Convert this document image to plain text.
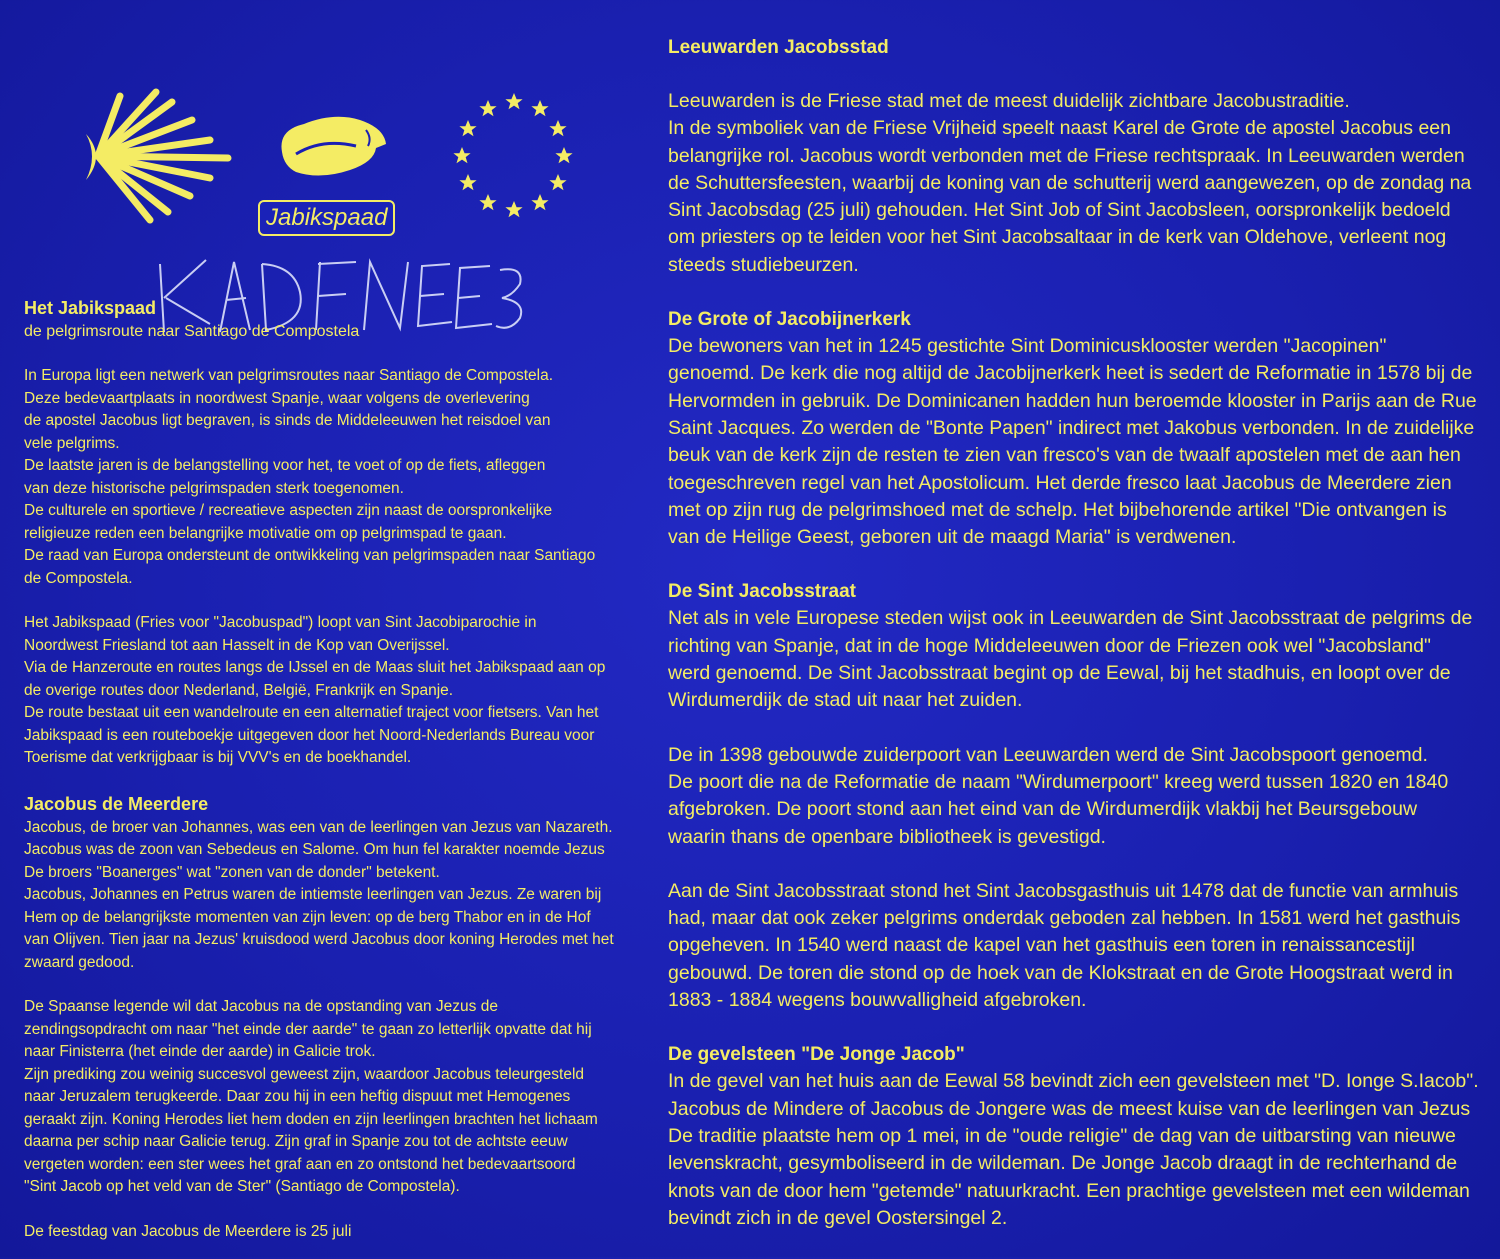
Jabikspaad

Het Jabikspaad

de pelgrimsroute naar Santiago de Compostela

In Europa ligt een netwerk van pelgrimsroutes naar Santiago de Compostela.
Deze bedevaartplaats in noordwest Spanje, waar volgens de overlevering
de apostel Jacobus ligt begraven, is sinds de Middeleeuwen het reisdoel van
vele pelgrims.
De laatste jaren is de belangstelling voor het, te voet of op de fiets, afleggen
van deze historische pelgrimspaden sterk toegenomen.
De culturele en sportieve / recreatieve aspecten zijn naast de oorspronkelijke
religieuze reden een belangrijke motivatie om op pelgrimspad te gaan.
De raad van Europa ondersteunt de ontwikkeling van pelgrimspaden naar Santiago
de Compostela.
Het Jabikspaad (Fries voor "Jacobuspad") loopt van Sint Jacobiparochie in
Noordwest Friesland tot aan Hasselt in de Kop van Overijssel.
Via de Hanzeroute en routes langs de IJssel en de Maas sluit het Jabikspaad aan op
de overige routes door Nederland, België, Frankrijk en Spanje.
De route bestaat uit een wandelroute en een alternatief traject voor fietsers. Van het
Jabikspaad is een routeboekje uitgegeven door het Noord-Nederlands Bureau voor
Toerisme dat verkrijgbaar is bij VVV's en de boekhandel.

Jacobus de Meerdere

Jacobus, de broer van Johannes, was een van de leerlingen van Jezus van Nazareth.
Jacobus was de zoon van Sebedeus en Salome. Om hun fel karakter noemde Jezus
De broers "Boanerges" wat "zonen van de donder" betekent.
Jacobus, Johannes en Petrus waren de intiemste leerlingen van Jezus. Ze waren bij
Hem op de belangrijkste momenten van zijn leven: op de berg Thabor en in de Hof
van Olijven. Tien jaar na Jezus' kruisdood werd Jacobus door koning Herodes met het
zwaard gedood.
De Spaanse legende wil dat Jacobus na de opstanding van Jezus de
zendingsopdracht om naar "het einde der aarde" te gaan zo letterlijk opvatte dat hij
naar Finisterra (het einde der aarde) in Galicie trok.
Zijn prediking zou weinig succesvol geweest zijn, waardoor Jacobus teleurgesteld
naar Jeruzalem terugkeerde. Daar zou hij in een heftig dispuut met Hemogenes
geraakt zijn. Koning Herodes liet hem doden en zijn leerlingen brachten het lichaam
daarna per schip naar Galicie terug. Zijn graf in Spanje zou tot de achtste eeuw
vergeten worden: een ster wees het graf aan en zo ontstond het bedevaartsoord
"Sint Jacob op het veld van de Ster" (Santiago de Compostela).

De feestdag van Jacobus de Meerdere is 25 juli

Leeuwarden Jacobsstad

Leeuwarden is de Friese stad met de meest duidelijk zichtbare Jacobustraditie.
In de symboliek van de Friese Vrijheid speelt naast Karel de Grote de apostel Jacobus een
belangrijke rol. Jacobus wordt verbonden met de Friese rechtspraak. In Leeuwarden werden
de Schuttersfeesten, waarbij de koning van de schutterij werd aangewezen, op de zondag na
Sint Jacobsdag (25 juli) gehouden. Het Sint Job of Sint Jacobsleen, oorspronkelijk bedoeld
om priesters op te leiden voor het Sint Jacobsaltaar in de kerk van Oldehove, verleent nog
steeds studiebeurzen.

De Grote of Jacobijnerkerk

De bewoners van het in 1245 gestichte Sint Dominicusklooster werden "Jacopinen"
genoemd. De kerk die nog altijd de Jacobijnerkerk heet is sedert de Reformatie in 1578 bij de
Hervormden in gebruik. De Dominicanen hadden hun beroemde klooster in Parijs aan de Rue
Saint Jacques. Zo werden de "Bonte Papen" indirect met Jakobus verbonden. In de zuidelijke
beuk van de kerk zijn de resten te zien van fresco's van de twaalf apostelen met de aan hen
toegeschreven regel van het Apostolicum. Het derde fresco laat Jacobus de Meerdere zien
met op zijn rug de pelgrimshoed met de schelp. Het bijbehorende artikel "Die ontvangen is
van de Heilige Geest, geboren uit de maagd Maria" is verdwenen.

De Sint Jacobsstraat

Net als in vele Europese steden wijst ook in Leeuwarden de Sint Jacobsstraat de pelgrims de
richting van Spanje, dat in de hoge Middeleeuwen door de Friezen ook wel "Jacobsland"
werd genoemd. De Sint Jacobsstraat begint op de Eewal, bij het stadhuis, en loopt over de
Wirdumerdijk de stad uit naar het zuiden.
De in 1398 gebouwde zuiderpoort van Leeuwarden werd de Sint Jacobspoort genoemd.
De poort die na de Reformatie de naam "Wirdumerpoort" kreeg werd tussen 1820 en 1840
afgebroken. De poort stond aan het eind van de Wirdumerdijk vlakbij het Beursgebouw
waarin thans de openbare bibliotheek is gevestigd.
Aan de Sint Jacobsstraat stond het Sint Jacobsgasthuis uit 1478 dat de functie van armhuis
had, maar dat ook zeker pelgrims onderdak geboden zal hebben. In 1581 werd het gasthuis
opgeheven. In 1540 werd naast de kapel van het gasthuis een toren in renaissancestijl
gebouwd. De toren die stond op de hoek van de Klokstraat en de Grote Hoogstraat werd in
1883 - 1884 wegens bouwvalligheid afgebroken.

De gevelsteen "De Jonge Jacob"

In de gevel van het huis aan de Eewal 58 bevindt zich een gevelsteen met "D. Ionge S.Iacob".
Jacobus de Mindere of Jacobus de Jongere was de meest kuise van de leerlingen van Jezus
De traditie plaatste hem op 1 mei, in de "oude religie" de dag van de uitbarsting van nieuwe
levenskracht, gesymboliseerd in de wildeman. De Jonge Jacob draagt in de rechterhand de
knots van de door hem "getemde" natuurkracht. Een prachtige gevelsteen met een wildeman
bevindt zich in de gevel Oostersingel 2.
